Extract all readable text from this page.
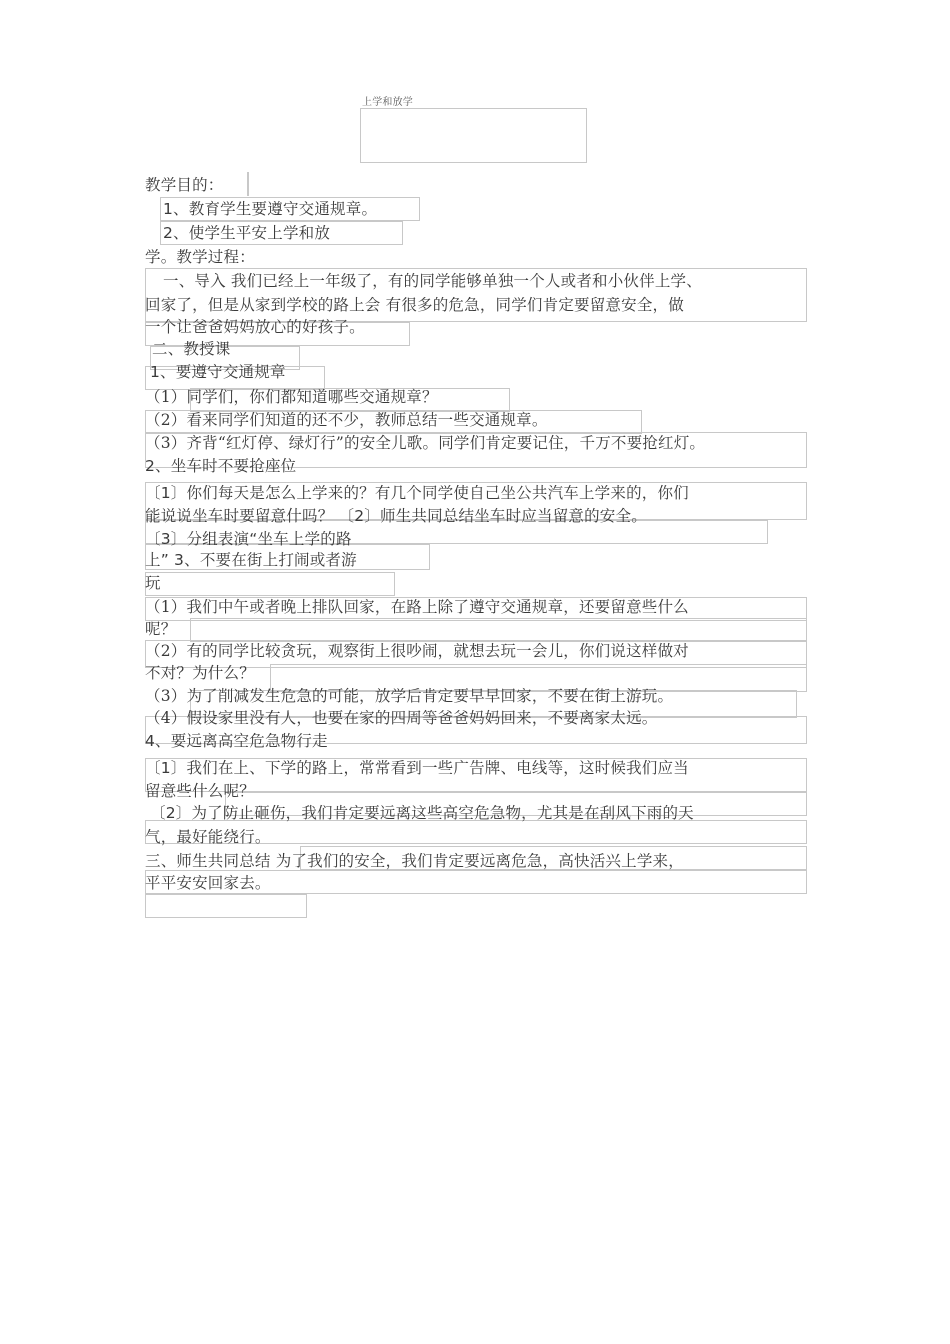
上学和放学
教学目的：
1、教育学生要遵守交通规章。
2、使学生平安上学和放
学。教学过程：
一、导入 我们已经上一年级了，有的同学能够单独一个人或者和小伙伴上学、
回家了，但是从家到学校的路上会 有很多的危急，同学们肯定要留意安全，做
一个让爸爸妈妈放心的好孩子。
二、教授课
1、要遵守交通规章
（1）同学们，你们都知道哪些交通规章？
（2）看来同学们知道的还不少，教师总结一些交通规章。
（3）齐背“红灯停、绿灯行”的安全儿歌。同学们肯定要记住，千万不要抢红灯。
2、坐车时不要抢座位
〔1〕你们每天是怎么上学来的？有几个同学使自己坐公共汽车上学来的，你们
能说说坐车时要留意什吗？ 〔2〕师生共同总结坐车时应当留意的安全。
〔3〕分组表演“坐车上学的路
上” 3、不要在街上打闹或者游
玩
（1）我们中午或者晚上排队回家，在路上除了遵守交通规章，还要留意些什么
呢？
（2）有的同学比较贪玩，观察街上很吵闹，就想去玩一会儿，你们说这样做对
不对？为什么？
（3）为了削减发生危急的可能，放学后肯定要早早回家，不要在街上游玩。
（4）假设家里没有人，也要在家的四周等爸爸妈妈回来，不要离家太远。
4、要远离高空危急物行走
〔1〕我们在上、下学的路上，常常看到一些广告牌、电线等，这时候我们应当
留意些什么呢？
〔2〕为了防止砸伤，我们肯定要远离这些高空危急物，尤其是在刮风下雨的天
气，最好能绕行。
三、师生共同总结 为了我们的安全，我们肯定要远离危急，高快活兴上学来，
平平安安回家去。
